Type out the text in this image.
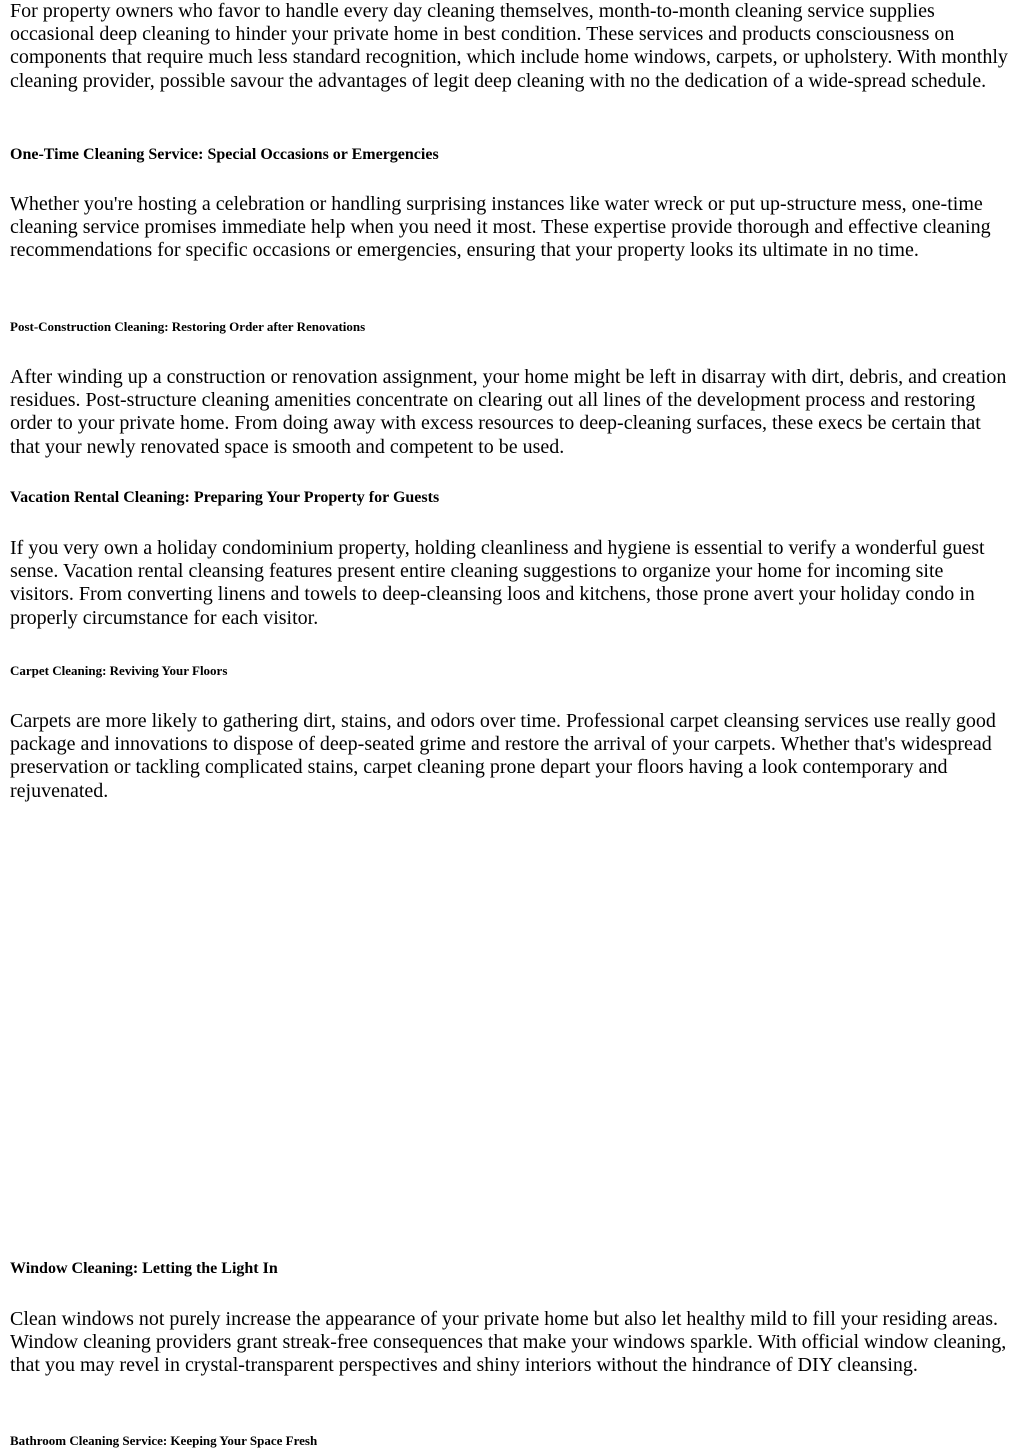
For property owners who favor to handle every day cleaning themselves, month-to-month cleaning service supplies occasional deep cleaning to hinder your private home in best condition. These services and products consciousness on components that require much less standard recognition, which include home windows, carpets, or upholstery. With monthly cleaning provider, possible savour the advantages of legit deep cleaning with no the dedication of a wide-spread schedule.

One-Time Cleaning Service: Special Occasions or Emergencies

Whether you're hosting a celebration or handling surprising instances like water wreck or put up-structure mess, one-time cleaning service promises immediate help when you need it most. These expertise provide thorough and effective cleaning recommendations for specific occasions or emergencies, ensuring that your property looks its ultimate in no time.

Post-Construction Cleaning: Restoring Order after Renovations

After winding up a construction or renovation assignment, your home might be left in disarray with dirt, debris, and creation residues. Post-structure cleaning amenities concentrate on clearing out all lines of the development process and restoring order to your private home. From doing away with excess resources to deep-cleaning surfaces, these execs be certain that that your newly renovated space is smooth and competent to be used.

Vacation Rental Cleaning: Preparing Your Property for Guests

If you very own a holiday condominium property, holding cleanliness and hygiene is essential to verify a wonderful guest sense. Vacation rental cleansing features present entire cleaning suggestions to organize your home for incoming site visitors. From converting linens and towels to deep-cleansing loos and kitchens, those prone avert your holiday condo in properly circumstance for each visitor.

Carpet Cleaning: Reviving Your Floors

Carpets are more likely to gathering dirt, stains, and odors over time. Professional carpet cleansing services use really good package and innovations to dispose of deep-seated grime and restore the arrival of your carpets. Whether that's widespread preservation or tackling complicated stains, carpet cleaning prone depart your floors having a look contemporary and rejuvenated.

Window Cleaning: Letting the Light In

Clean windows not purely increase the appearance of your private home but also let healthy mild to fill your residing areas. Window cleaning providers grant streak-free consequences that make your windows sparkle. With official window cleaning, that you may revel in crystal-transparent perspectives and shiny interiors without the hindrance of DIY cleansing.

Bathroom Cleaning Service: Keeping Your Space Fresh
